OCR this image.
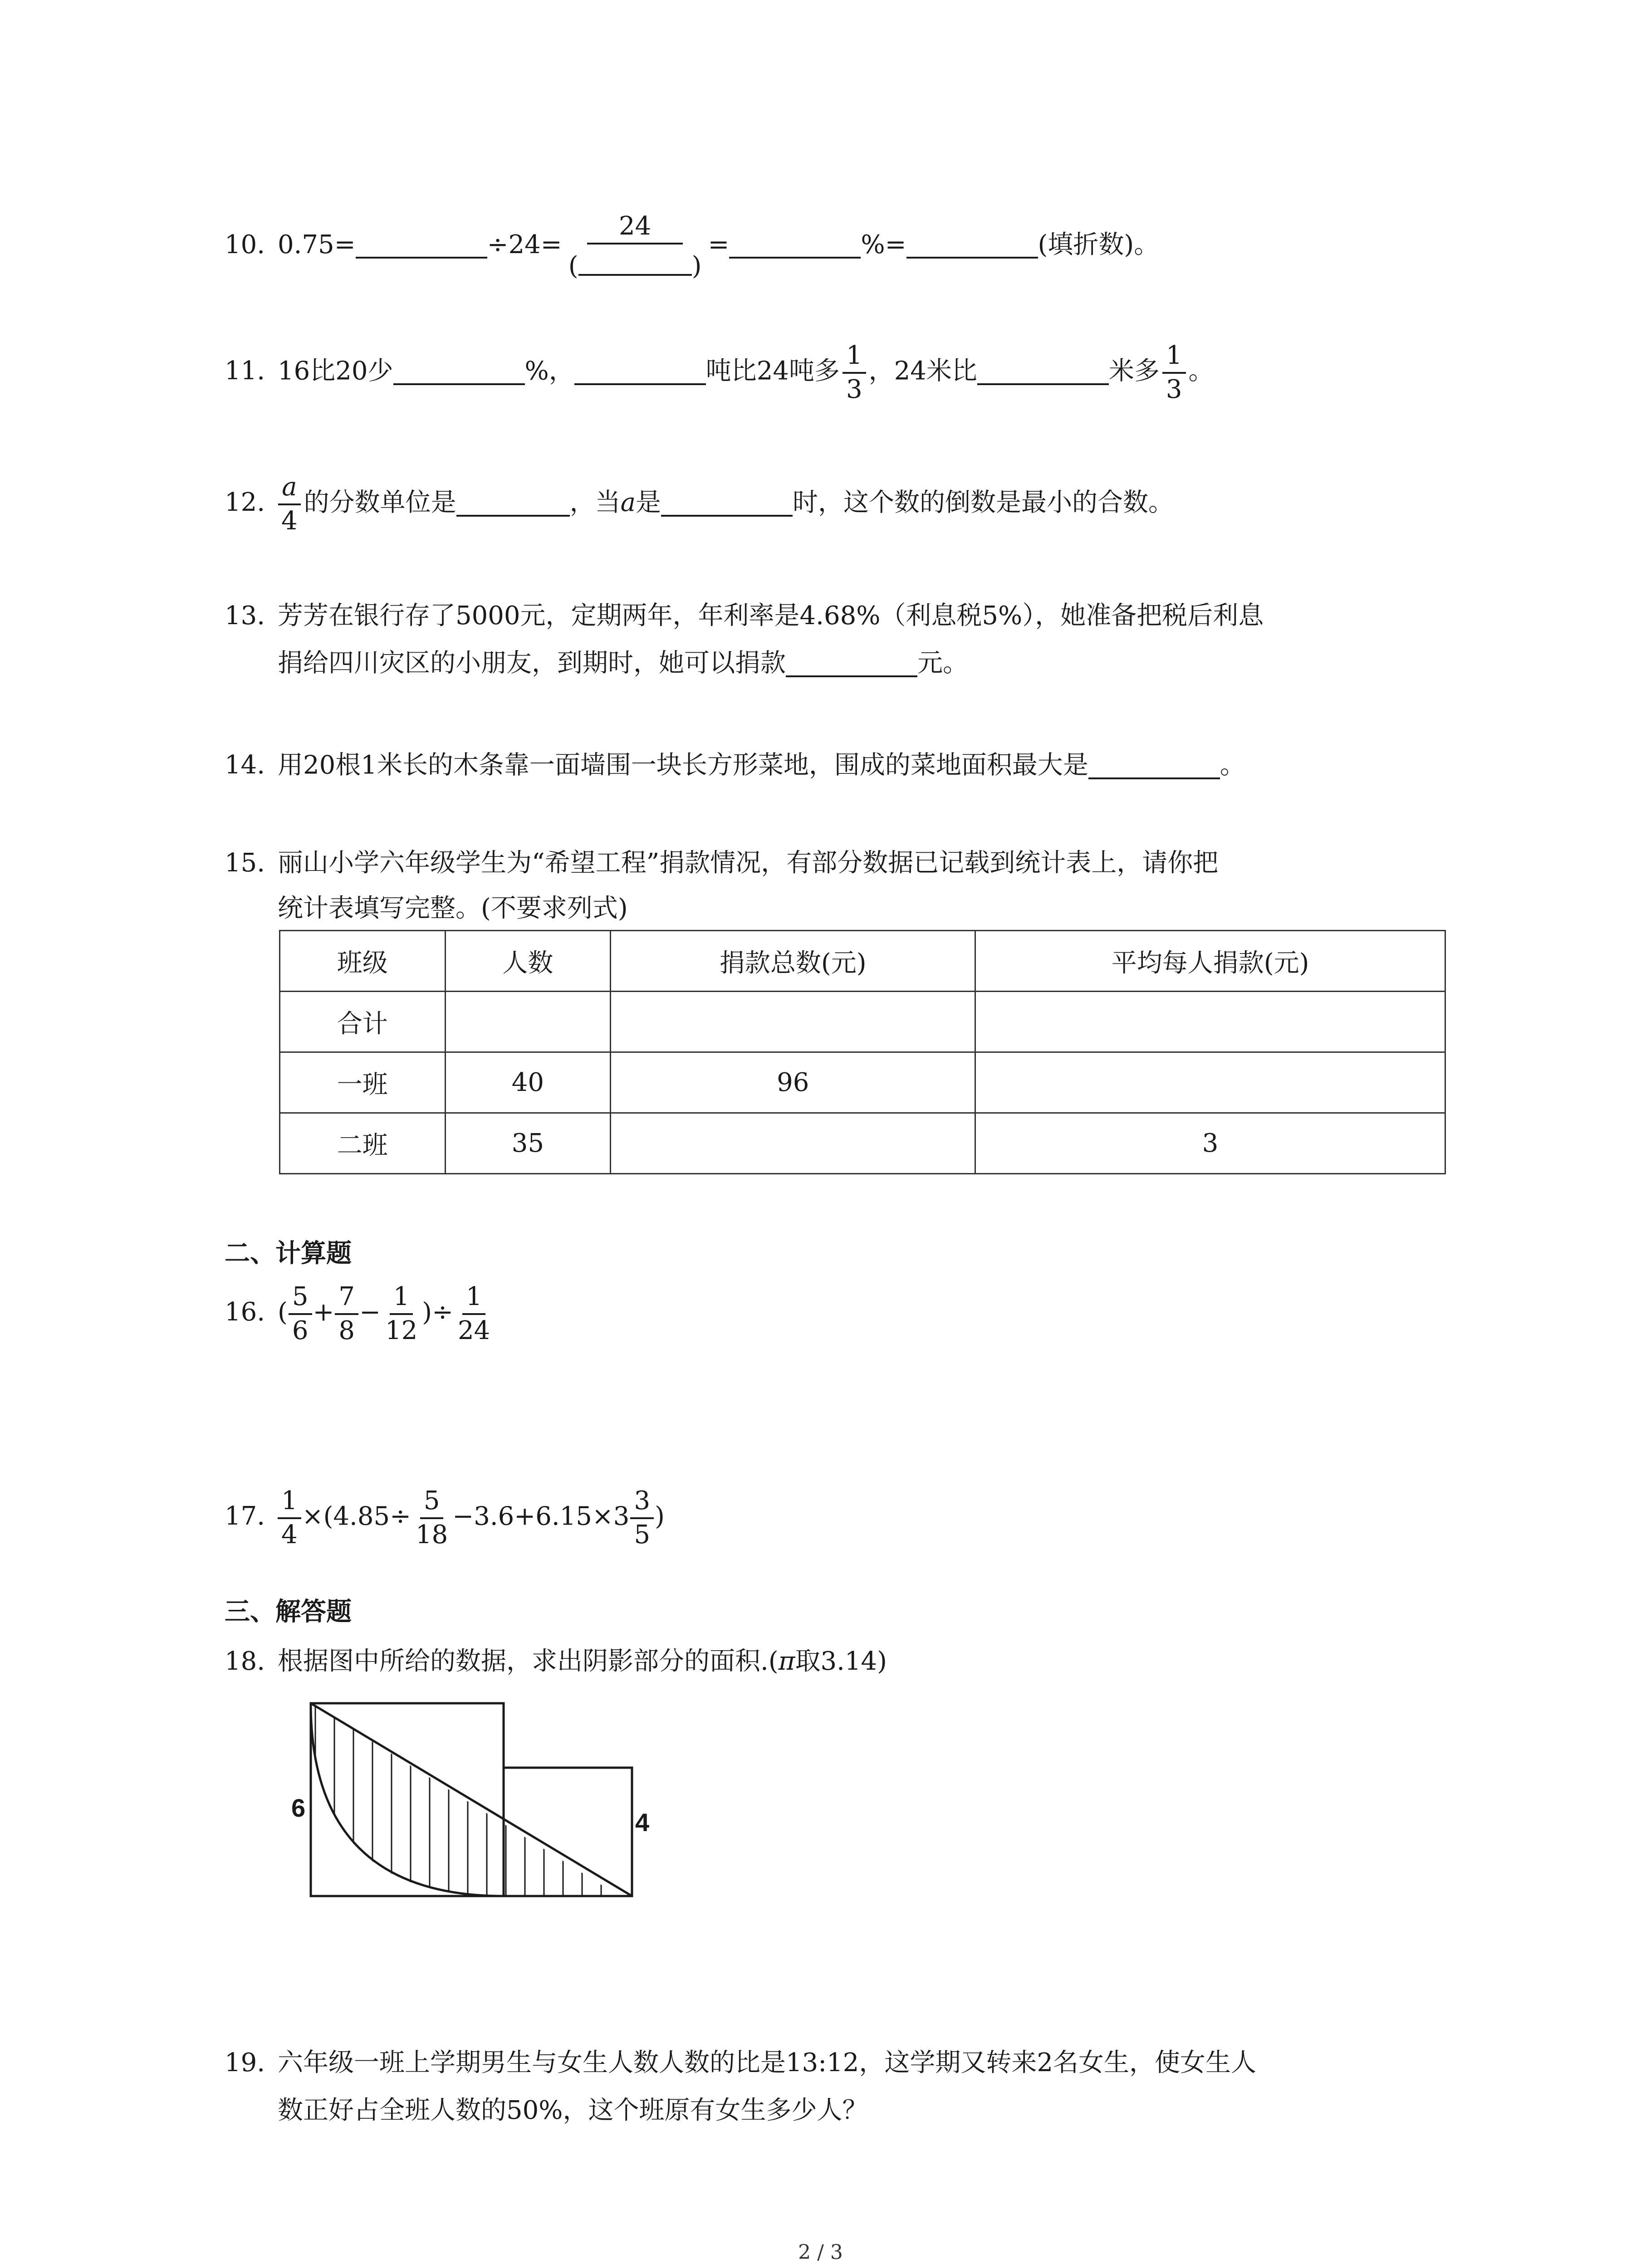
10. 0.75=	÷24= 24
(	) =	%=	(填折数)。
11. 16比20少	%，	吨比24吨多 $\frac{1}{3}$ ，24米比	米多 $\frac{1}{3}$ 。
12. $\frac{a}{4}$ 的分数单位是	，当a是	时，这个数的倒数是最小的合数。
13. 芳芳在银行存了5000元，定期两年，年利率是4.68%（利息税5%），她准备把税后利息
捐给四川灾区的小朋友，到期时，她可以捐款	元。
14. 用20根1米长的木条靠一面墙围一块长方形菜地，围成的菜地面积最大是	。
15. 丽山小学六年级学生为“希望工程”捐款情况，有部分数据已记载到统计表上，请你把
统计表填写完整。(不要求列式)
班级	人数	捐款总数(元)	平均每人捐款(元)
合计			
一班	40	96	
二班	35		3
二、计算题
16. ( $\frac{5}{6} + \frac{7}{8} - \frac{1}{12}$ )÷ $\frac{1}{24}$
17. $\frac{1}{4} \times(4.85\div \frac{5}{18} -3.6+6.15\times 3 \frac{3}{5}$ )
三、解答题
18. 根据图中所给的数据，求出阴影部分的面积.(π取3.14)
6
4
19. 六年级一班上学期男生与女生人数人数的比是13:12，这学期又转来2名女生，使女生人
数正好占全班人数的50%，这个班原有女生多少人？
2 / 3
